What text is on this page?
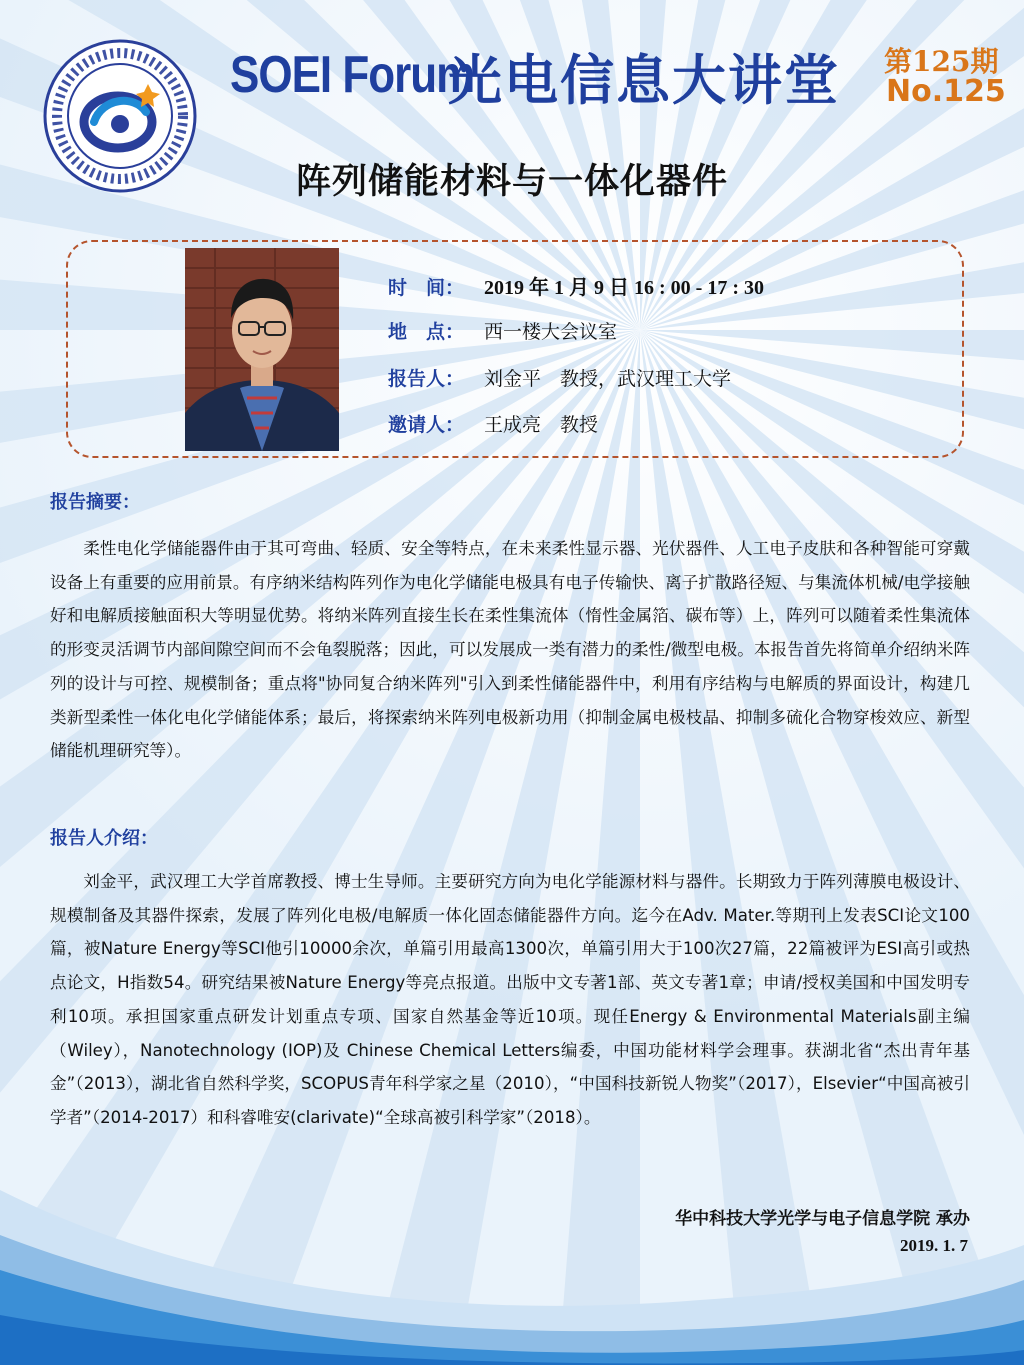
SOEI Forum
光电信息大讲堂 第125期
No.125
阵列储能材料与一体化器件
时　间： 2019 年 1 月 9 日 16 : 00 - 17 : 30
地　点： 西一楼大会议室
报告人： 刘金平　教授，武汉理工大学
邀请人： 王成亮　教授
报告摘要：
柔性电化学储能器件由于其可弯曲、轻质、安全等特点，在未来柔性显示器、光伏器件、人工电子皮肤和各种智能可穿戴设备上有重要的应用前景。有序纳米结构阵列作为电化学储能电极具有电子传输快、离子扩散路径短、与集流体机械/电学接触好和电解质接触面积大等明显优势。将纳米阵列直接生长在柔性集流体（惰性金属箔、碳布等）上，阵列可以随着柔性集流体的形变灵活调节内部间隙空间而不会龟裂脱落；因此，可以发展成一类有潜力的柔性/微型电极。本报告首先将简单介绍纳米阵列的设计与可控、规模制备；重点将"协同复合纳米阵列"引入到柔性储能器件中，利用有序结构与电解质的界面设计，构建几类新型柔性一体化电化学储能体系；最后，将探索纳米阵列电极新功用（抑制金属电极枝晶、抑制多硫化合物穿梭效应、新型储能机理研究等）。
报告人介绍：
刘金平，武汉理工大学首席教授、博士生导师。主要研究方向为电化学能源材料与器件。长期致力于阵列薄膜电极设计、规模制备及其器件探索，发展了阵列化电极/电解质一体化固态储能器件方向。迄今在Adv. Mater.等期刊上发表SCI论文100篇，被Nature Energy等SCI他引10000余次，单篇引用最高1300次，单篇引用大于100次27篇，22篇被评为ESI高引或热点论文，H指数54。研究结果被Nature Energy等亮点报道。出版中文专著1部、英文专著1章；申请/授权美国和中国发明专利10项。承担国家重点研发计划重点专项、国家自然基金等近10项。现任Energy & Environmental Materials副主编（Wiley），Nanotechnology (IOP)及 Chinese Chemical Letters编委，中国功能材料学会理事。获湖北省“杰出青年基金”（2013），湖北省自然科学奖，SCOPUS青年科学家之星（2010），“中国科技新锐人物奖”（2017），Elsevier“中国高被引学者”（2014-2017）和科睿唯安(clarivate)“全球高被引科学家”（2018）。
华中科技大学光学与电子信息学院 承办
2019. 1. 7
